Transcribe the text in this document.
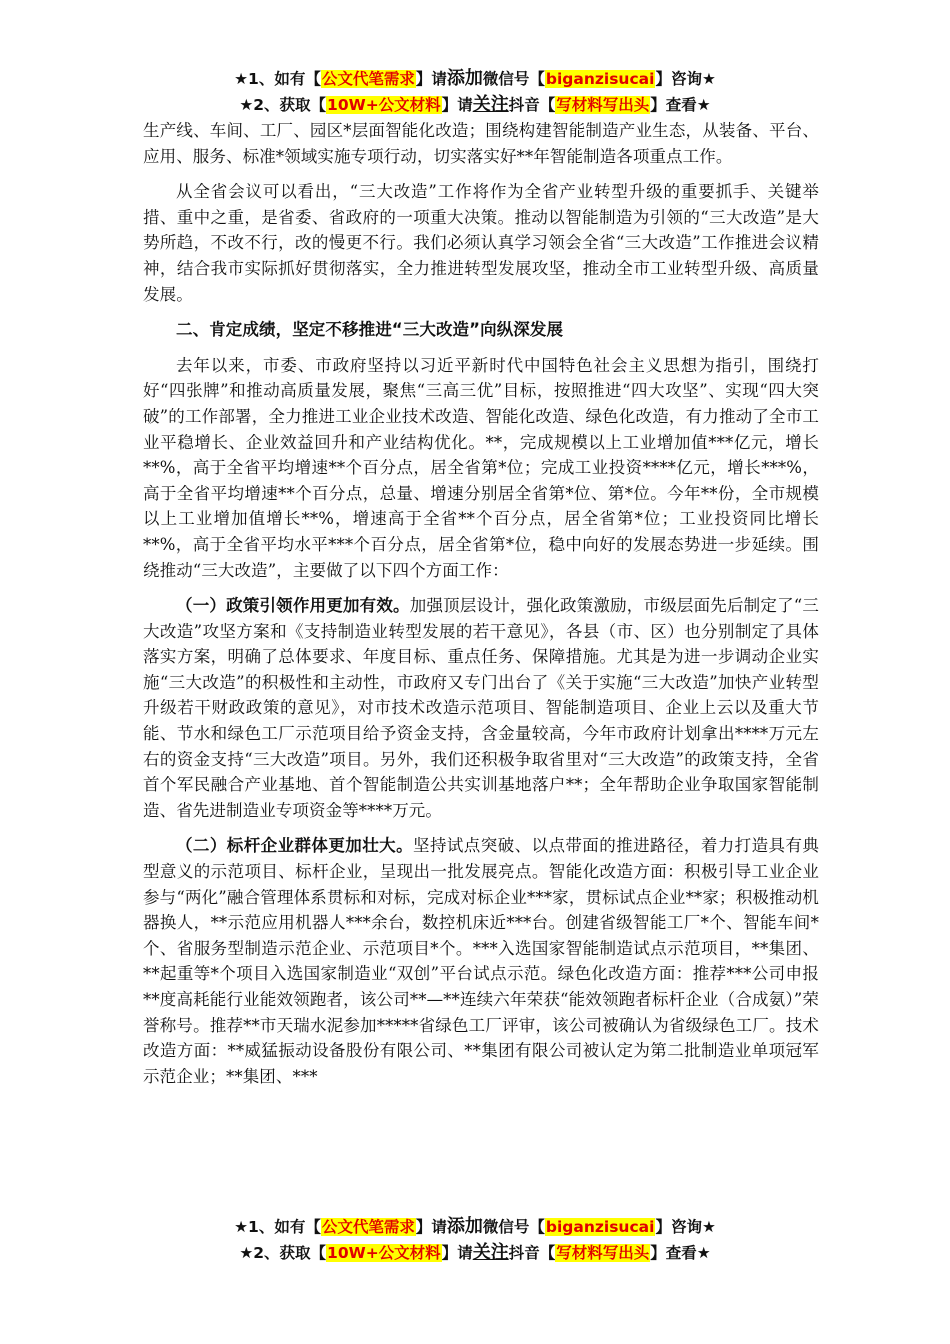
★1、如有【公文代笔需求】请添加微信号【biganzisucai】咨询★
★2、获取【10W+公文材料】请关注抖音【写材料写出头】查看★

生产线、车间、工厂、园区*层面智能化改造；围绕构建智能制造产业生态，从装备、平台、应用、服务、标准*领域实施专项行动，切实落实好**年智能制造各项重点工作。

从全省会议可以看出，“三大改造”工作将作为全省产业转型升级的重要抓手、关键举措、重中之重，是省委、省政府的一项重大决策。推动以智能制造为引领的“三大改造”是大势所趋，不改不行，改的慢更不行。我们必须认真学习领会全省“三大改造”工作推进会议精神，结合我市实际抓好贯彻落实，全力推进转型发展攻坚，推动全市工业转型升级、高质量发展。

二、肯定成绩，坚定不移推进“三大改造”向纵深发展

去年以来，市委、市政府坚持以习近平新时代中国特色社会主义思想为指引，围绕打好“四张牌”和推动高质量发展，聚焦“三高三优”目标，按照推进“四大攻坚”、实现“四大突破”的工作部署，全力推进工业企业技术改造、智能化改造、绿色化改造，有力推动了全市工业平稳增长、企业效益回升和产业结构优化。**，完成规模以上工业增加值***亿元，增长**%，高于全省平均增速**个百分点，居全省第*位；完成工业投资****亿元，增长***%，高于全省平均增速**个百分点，总量、增速分别居全省第*位、第*位。今年**份，全市规模以上工业增加值增长**%，增速高于全省**个百分点，居全省第*位；工业投资同比增长**%，高于全省平均水平***个百分点，居全省第*位，稳中向好的发展态势进一步延续。围绕推动“三大改造”，主要做了以下四个方面工作：

（一）政策引领作用更加有效。加强顶层设计，强化政策激励，市级层面先后制定了“三大改造”攻坚方案和《支持制造业转型发展的若干意见》，各县（市、区）也分别制定了具体落实方案，明确了总体要求、年度目标、重点任务、保障措施。尤其是为进一步调动企业实施“三大改造”的积极性和主动性，市政府又专门出台了《关于实施“三大改造”加快产业转型升级若干财政政策的意见》，对市技术改造示范项目、智能制造项目、企业上云以及重大节能、节水和绿色工厂示范项目给予资金支持，含金量较高，今年市政府计划拿出****万元左右的资金支持“三大改造”项目。另外，我们还积极争取省里对“三大改造”的政策支持，全省首个军民融合产业基地、首个智能制造公共实训基地落户**；全年帮助企业争取国家智能制造、省先进制造业专项资金等****万元。

（二）标杆企业群体更加壮大。坚持试点突破、以点带面的推进路径，着力打造具有典型意义的示范项目、标杆企业，呈现出一批发展亮点。智能化改造方面：积极引导工业企业参与“两化”融合管理体系贯标和对标，完成对标企业***家，贯标试点企业**家；积极推动机器换人，**示范应用机器人***余台，数控机床近***台。创建省级智能工厂*个、智能车间*个、省服务型制造示范企业、示范项目*个。***入选国家智能制造试点示范项目，**集团、**起重等*个项目入选国家制造业“双创”平台试点示范。绿色化改造方面：推荐***公司申报**度高耗能行业能效领跑者，该公司**—**连续六年荣获“能效领跑者标杆企业（合成氨）”荣誉称号。推荐**市天瑞水泥参加*****省绿色工厂评审，该公司被确认为省级绿色工厂。技术改造方面：**威猛振动设备股份有限公司、**集团有限公司被认定为第二批制造业单项冠军示范企业；**集团、***

★1、如有【公文代笔需求】请添加微信号【biganzisucai】咨询★
★2、获取【10W+公文材料】请关注抖音【写材料写出头】查看★
